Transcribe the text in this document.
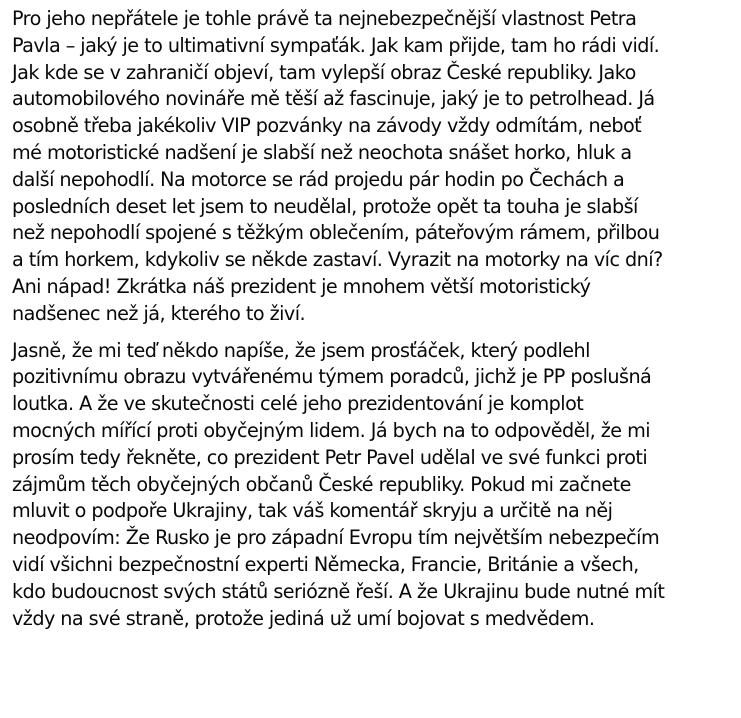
Pro jeho nepřátele je tohle právě ta nejnebezpečnější vlastnost Petra
Pavla – jaký je to ultimativní sympaťák. Jak kam přijde, tam ho rádi vidí.
Jak kde se v zahraničí objeví, tam vylepší obraz České republiky. Jako
automobilového novináře mě těší až fascinuje, jaký je to petrolhead. Já
osobně třeba jakékoliv VIP pozvánky na závody vždy odmítám, neboť
mé motoristické nadšení je slabší než neochota snášet horko, hluk a
další nepohodlí. Na motorce se rád projedu pár hodin po Čechách a
posledních deset let jsem to neudělal, protože opět ta touha je slabší
než nepohodlí spojené s těžkým oblečením, páteřovým rámem, přilbou
a tím horkem, kdykoliv se někde zastaví. Vyrazit na motorky na víc dní?
Ani nápad! Zkrátka náš prezident je mnohem větší motoristický
nadšenec než já, kterého to živí.

Jasně, že mi teď někdo napíše, že jsem prosťáček, který podlehl
pozitivnímu obrazu vytvářenému týmem poradců, jichž je PP poslušná
loutka. A že ve skutečnosti celé jeho prezidentování je komplot
mocných mířící proti obyčejným lidem. Já bych na to odpověděl, že mi
prosím tedy řekněte, co prezident Petr Pavel udělal ve své funkci proti
zájmům těch obyčejných občanů České republiky. Pokud mi začnete
mluvit o podpoře Ukrajiny, tak váš komentář skryju a určitě na něj
neodpovím: Že Rusko je pro západní Evropu tím největším nebezpečím
vidí všichni bezpečnostní experti Německa, Francie, Británie a všech,
kdo budoucnost svých států seriózně řeší. A že Ukrajinu bude nutné mít
vždy na své straně, protože jediná už umí bojovat s medvědem.
